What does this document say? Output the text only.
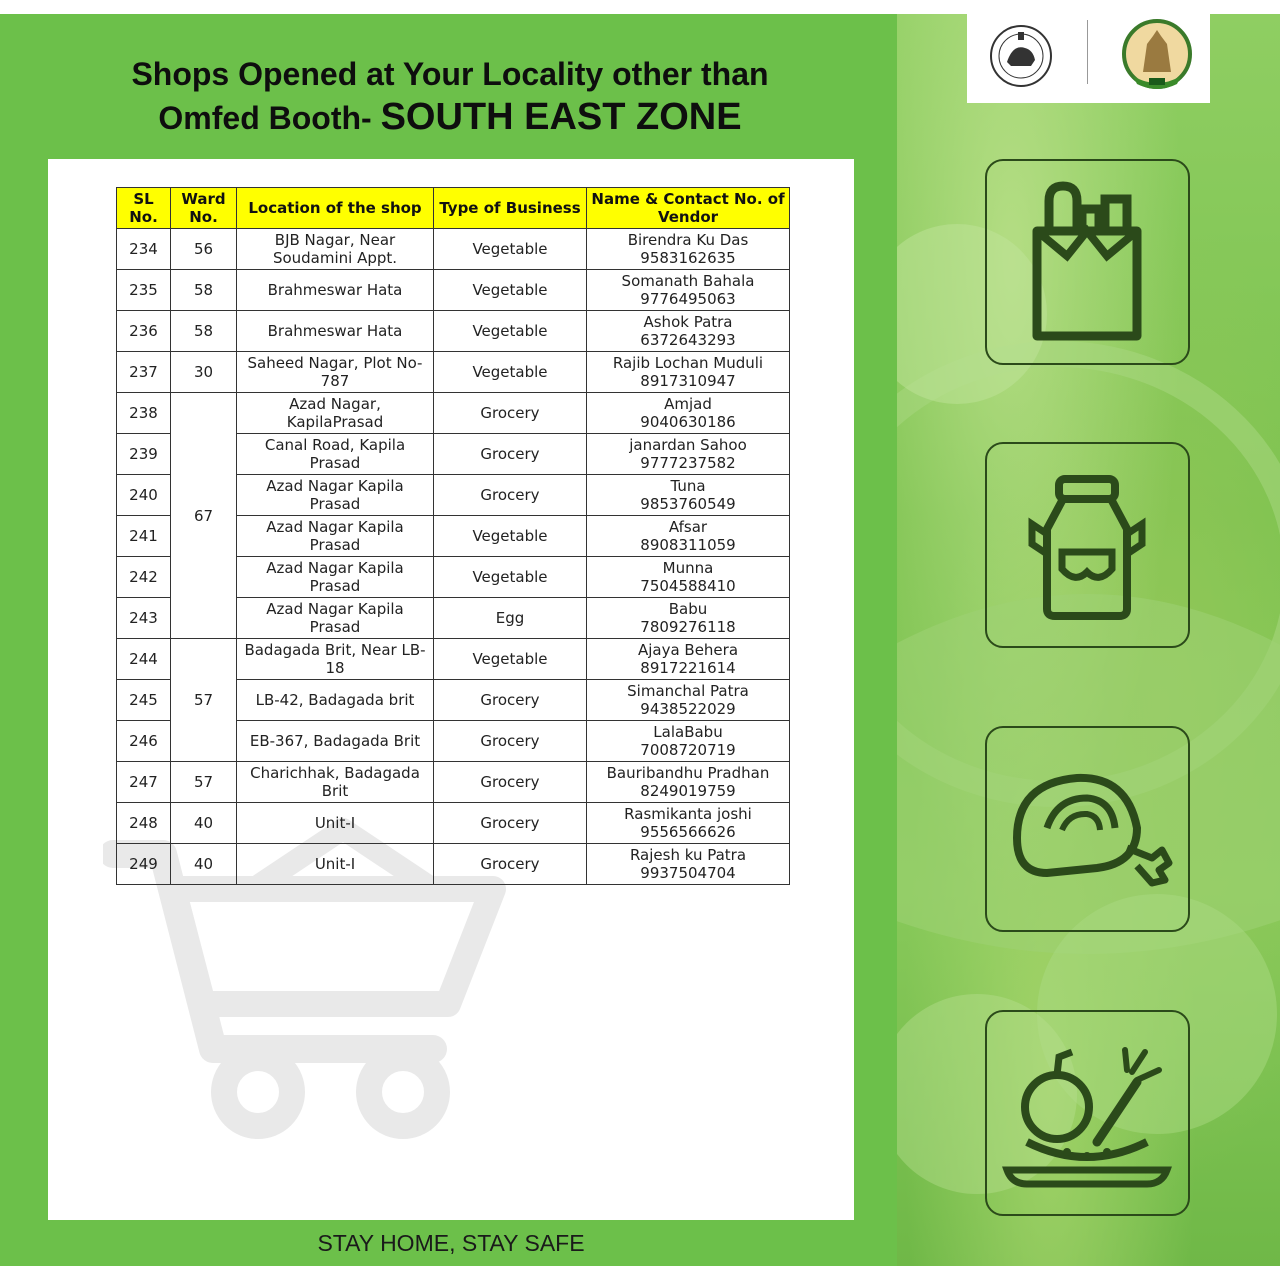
Shops Opened at Your Locality other than
Omfed Booth- SOUTH EAST ZONE
SL No.	Ward No.	Location of the shop	Type of Business	Name & Contact No. of Vendor
234	56	BJB Nagar, Near Soudamini Appt.	Vegetable	Birendra Ku Das
9583162635
235	58	Brahmeswar Hata	Vegetable	Somanath Bahala
9776495063
236	58	Brahmeswar Hata	Vegetable	Ashok Patra
6372643293
237	30	Saheed Nagar, Plot No-787	Vegetable	Rajib Lochan Muduli
8917310947
238	67	Azad Nagar, KapilaPrasad	Grocery	Amjad
9040630186
239		Canal Road, Kapila Prasad	Grocery	janardan Sahoo
9777237582
240		Azad Nagar Kapila Prasad	Grocery	Tuna
9853760549
241		Azad Nagar Kapila Prasad	Vegetable	Afsar
8908311059
242		Azad Nagar Kapila Prasad	Vegetable	Munna
7504588410
243		Azad Nagar Kapila Prasad	Egg	Babu
7809276118
244	57	Badagada Brit, Near LB-18	Vegetable	Ajaya Behera
8917221614
245		LB-42, Badagada brit	Grocery	Simanchal Patra
9438522029
246		EB-367, Badagada Brit	Grocery	LalaBabu
7008720719
247	57	Charichhak, Badagada Brit	Grocery	Bauribandhu Pradhan
8249019759
248	40	Unit-I	Grocery	Rasmikanta joshi
9556566626
249	40	Unit-I	Grocery	Rajesh ku Patra
9937504704
STAY HOME, STAY SAFE
